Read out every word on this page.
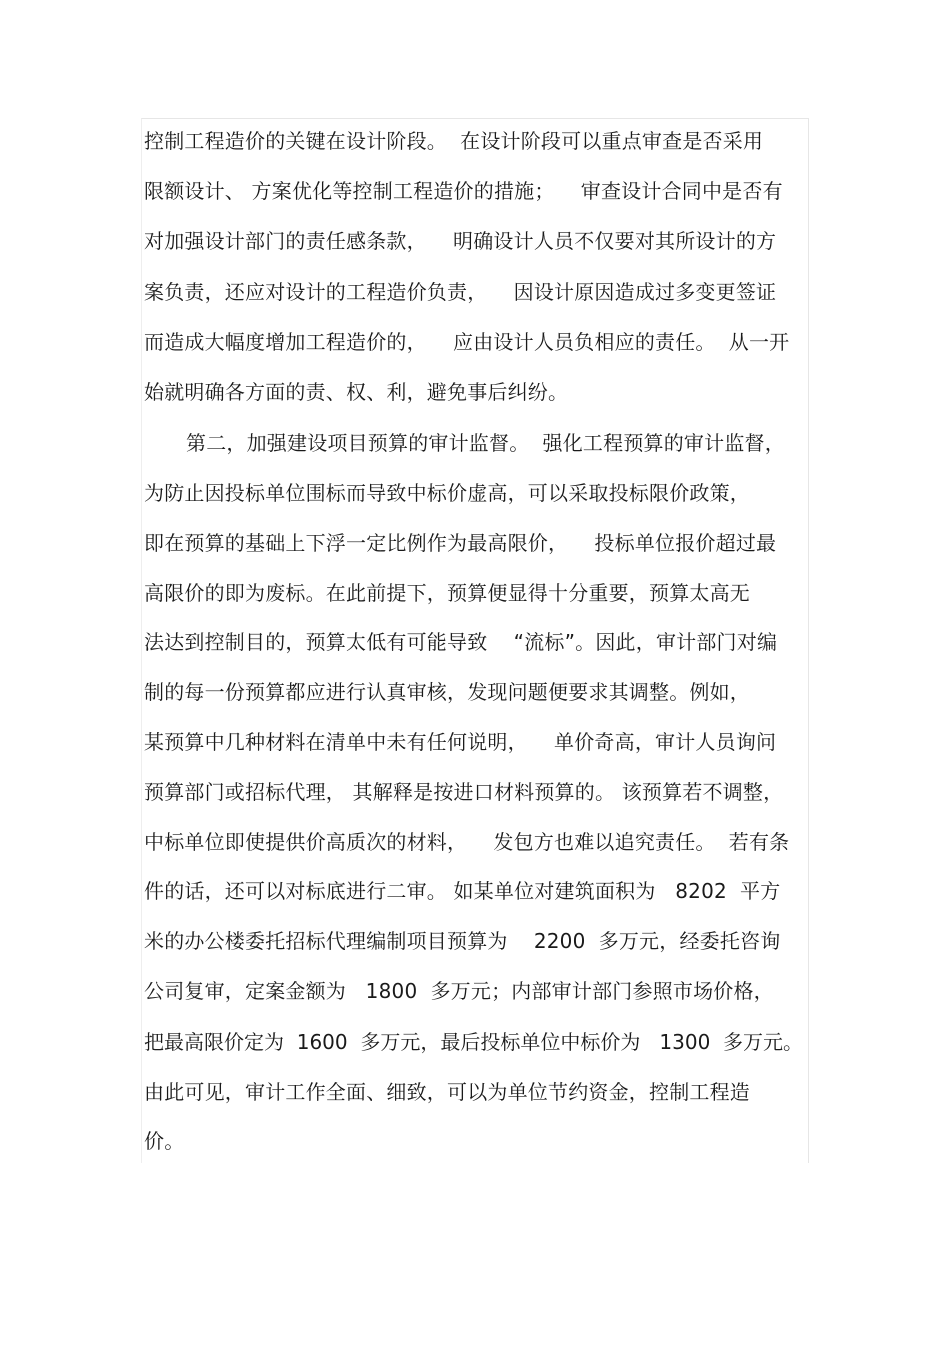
控制工程造价的关键在设计阶段。  在设计阶段可以重点审查是否采用

限额设计、 方案优化等控制工程造价的措施；    审查设计合同中是否有

对加强设计部门的责任感条款，    明确设计人员不仅要对其所设计的方

案负责，还应对设计的工程造价负责，    因设计原因造成过多变更签证

而造成大幅度增加工程造价的，    应由设计人员负相应的责任。  从一开

始就明确各方面的责、权、利，避免事后纠纷。

第二，加强建设项目预算的审计监督。  强化工程预算的审计监督，

为防止因投标单位围标而导致中标价虚高，可以采取投标限价政策，

即在预算的基础上下浮一定比例作为最高限价，    投标单位报价超过最

高限价的即为废标。在此前提下，预算便显得十分重要，预算太高无

法达到控制目的，预算太低有可能导致    “流标”。因此，审计部门对编

制的每一份预算都应进行认真审核，发现问题便要求其调整。例如，

某预算中几种材料在清单中未有任何说明，    单价奇高，审计人员询问

预算部门或招标代理， 其解释是按进口材料预算的。 该预算若不调整，

中标单位即使提供价高质次的材料，    发包方也难以追究责任。  若有条

件的话，还可以对标底进行二审。 如某单位对建筑面积为   8202  平方

米的办公楼委托招标代理编制项目预算为    2200  多万元，经委托咨询

公司复审，定案金额为   1800  多万元；内部审计部门参照市场价格，

把最高限价定为  1600  多万元，最后投标单位中标价为   1300  多万元。

由此可见，审计工作全面、细致，可以为单位节约资金，控制工程造

价。
